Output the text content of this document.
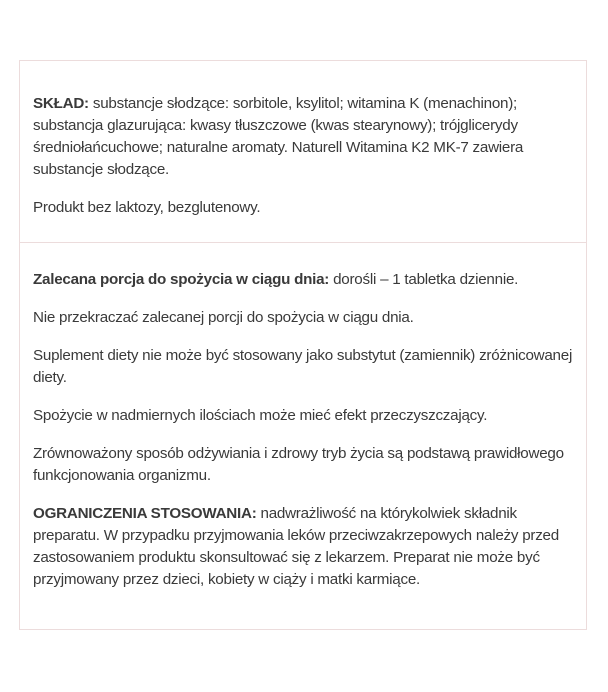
SKŁAD: substancje słodzące: sorbitole, ksylitol; witamina K (menachinon); substancja glazurująca: kwasy tłuszczowe (kwas stearynowy); trójglicerydy średniołańcuchowe; naturalne aromaty. Naturell Witamina K2 MK-7 zawiera substancje słodzące.

Produkt bez laktozy, bezglutenowy.

Zalecana porcja do spożycia w ciągu dnia: dorośli – 1 tabletka dziennie.

Nie przekraczać zalecanej porcji do spożycia w ciągu dnia.

Suplement diety nie może być stosowany jako substytut (zamiennik) zróżnicowanej diety.

Spożycie w nadmiernych ilościach może mieć efekt przeczyszczający.

Zrównoważony sposób odżywiania i zdrowy tryb życia są podstawą prawidłowego funkcjonowania organizmu.

OGRANICZENIA STOSOWANIA: nadwrażliwość na którykolwiek składnik preparatu. W przypadku przyjmowania leków przeciwzakrzepowych należy przed zastosowaniem produktu skonsultować się z lekarzem. Preparat nie może być przyjmowany przez dzieci, kobiety w ciąży i matki karmiące.
